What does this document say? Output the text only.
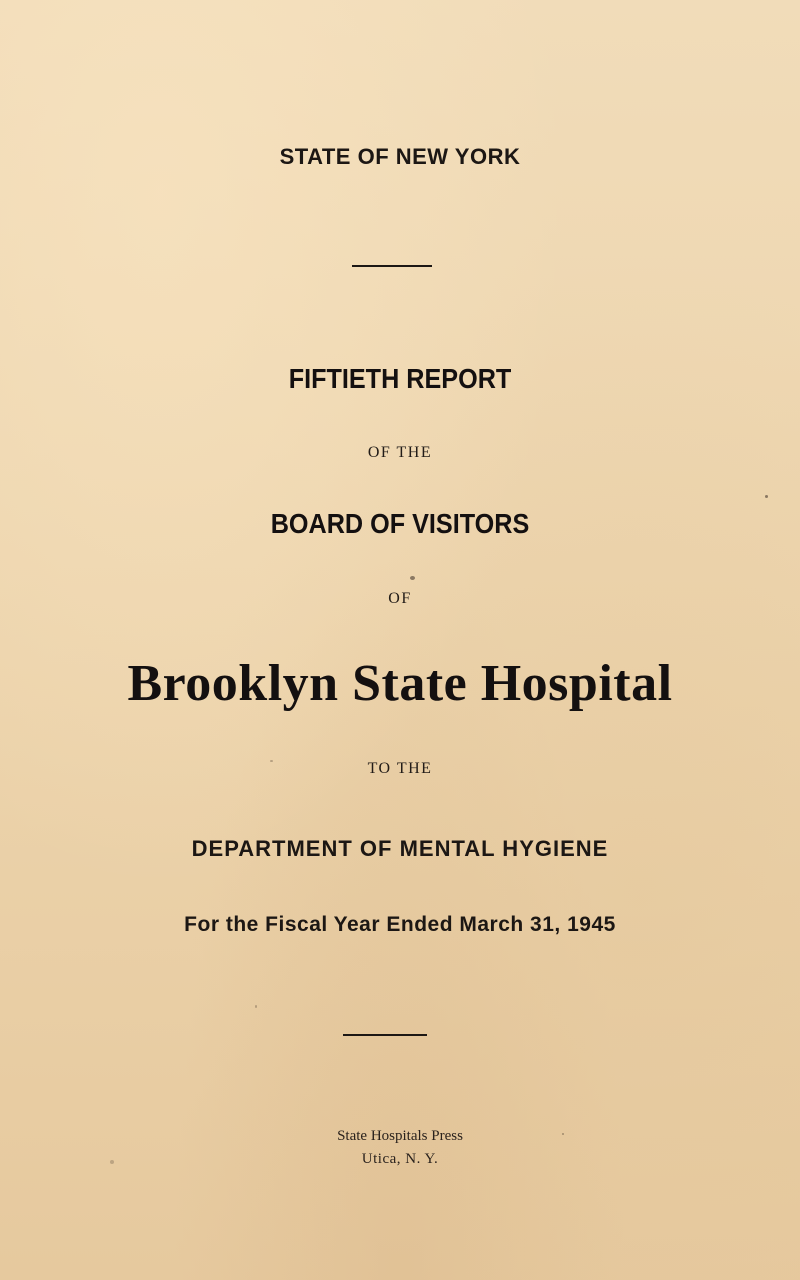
STATE OF NEW YORK
FIFTIETH REPORT
OF THE
BOARD OF VISITORS
OF
Brooklyn State Hospital
TO THE
DEPARTMENT OF MENTAL HYGIENE
For the Fiscal Year Ended March 31, 1945
State Hospitals Press
Utica, N. Y.
